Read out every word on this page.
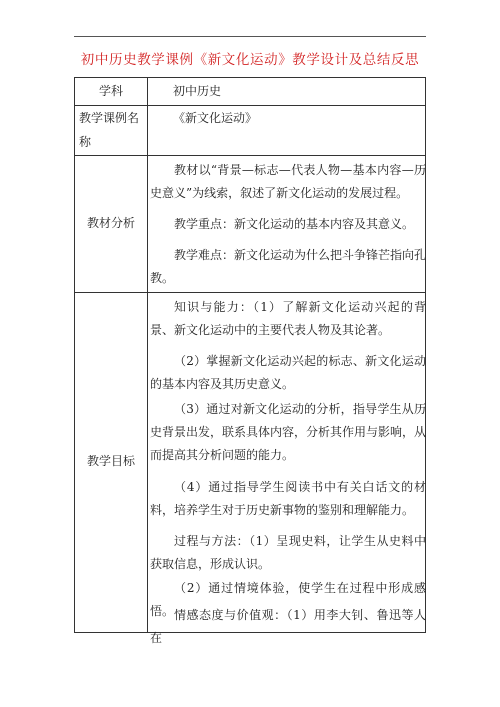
初中历史教学课例《新文化运动》教学设计及总结反思
学科	初中历史
教学课例名称
《新文化运动》
教材分析

教材以“背景—标志—代表人物—基本内容—历史意义”为线索，叙述了新文化运动的发展过程。

教学重点：新文化运动的基本内容及其意义。

教学难点：新文化运动为什么把斗争锋芒指向孔教。

教学目标

知识与能力：（1）了解新文化运动兴起的背景、新文化运动中的主要代表人物及其论著。

（2）掌握新文化运动兴起的标志、新文化运动的基本内容及其历史意义。

（3）通过对新文化运动的分析，指导学生从历史背景出发，联系具体内容，分析其作用与影响，从而提高其分析问题的能力。

（4）通过指导学生阅读书中有关白话文的材料，培养学生对于历史新事物的鉴别和理解能力。

过程与方法：（1）呈现史料，让学生从史料中获取信息，形成认识。

（2）通过情境体验，使学生在过程中形成感悟。 情感态度与价值观：（1）用李大钊、鲁迅等人在
